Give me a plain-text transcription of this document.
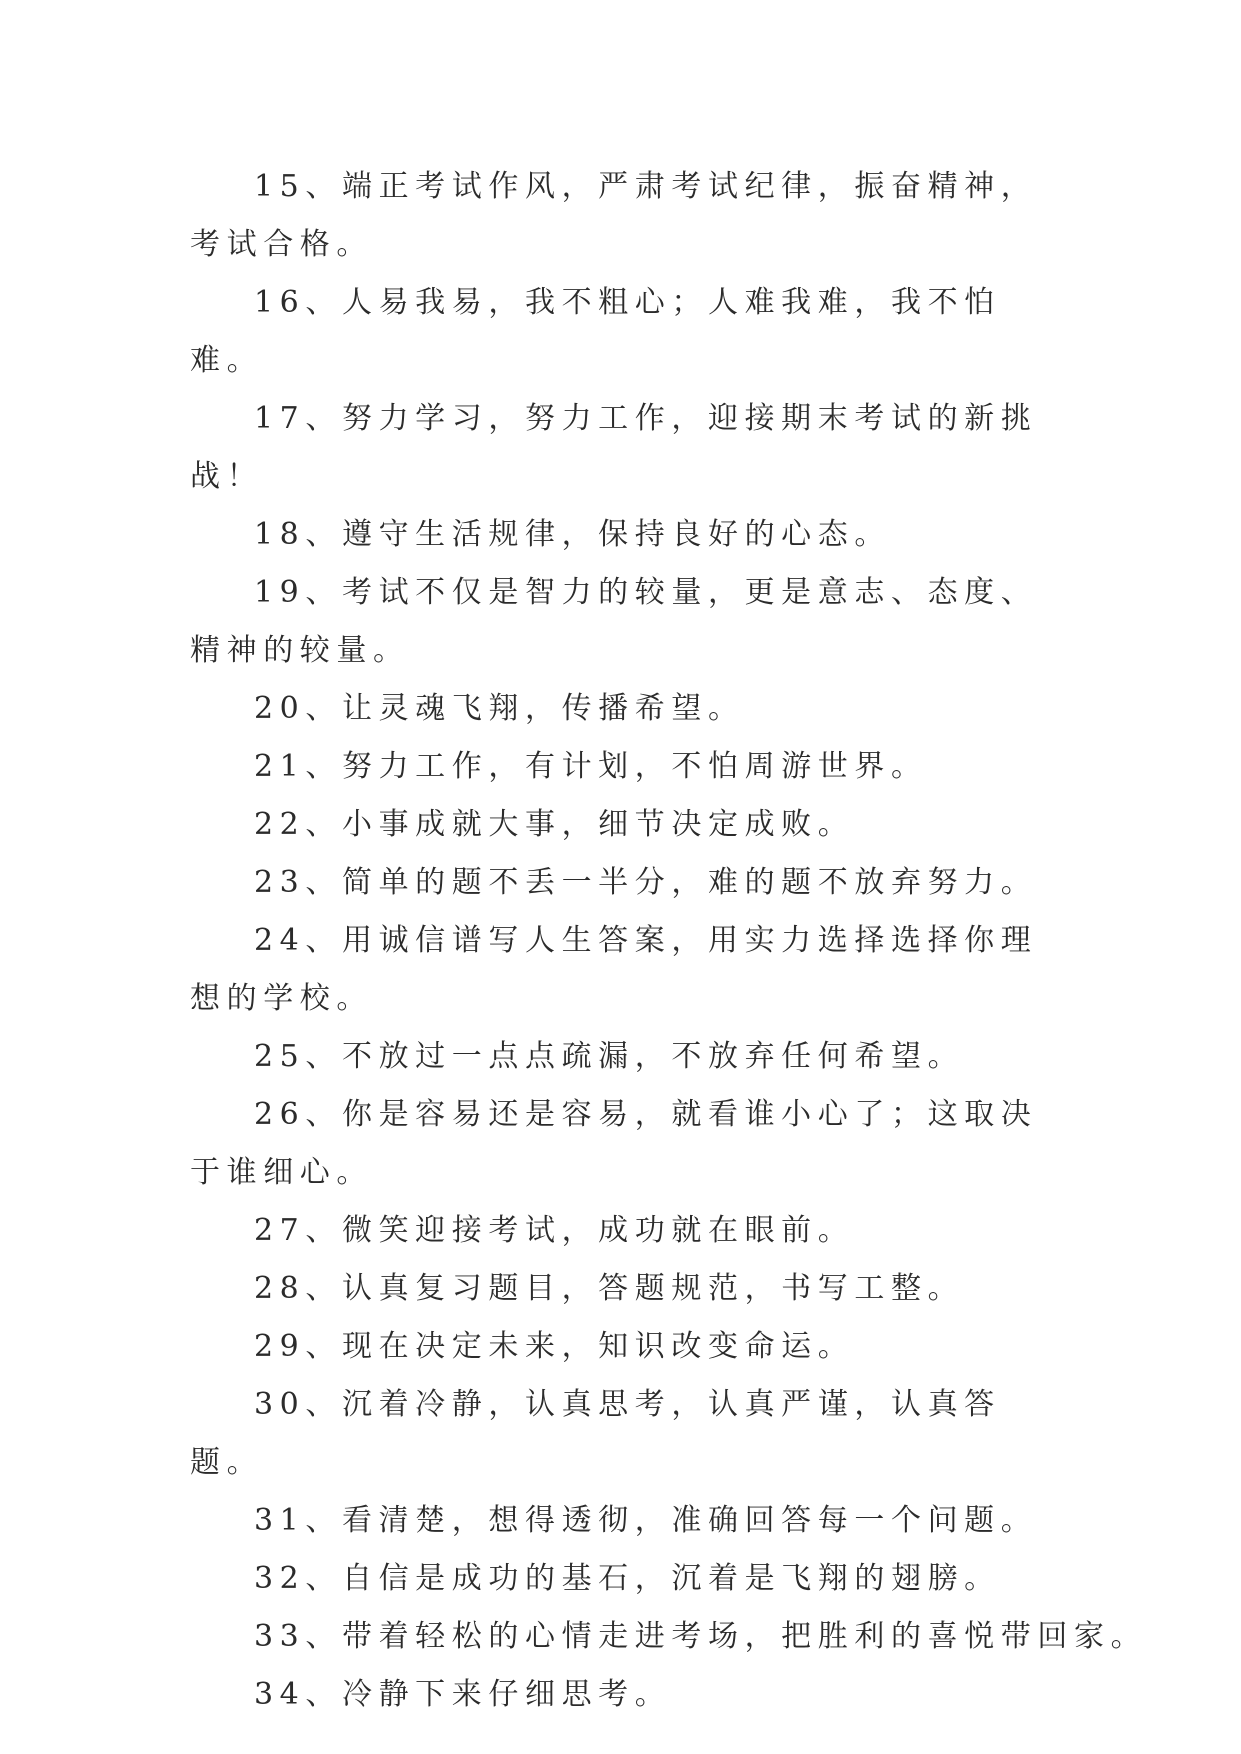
15、端正考试作风，严肃考试纪律，振奋精神，考试合格。

16、人易我易，我不粗心；人难我难，我不怕难。

17、努力学习，努力工作，迎接期末考试的新挑战！

18、遵守生活规律，保持良好的心态。

19、考试不仅是智力的较量，更是意志、态度、精神的较量。

20、让灵魂飞翔，传播希望。

21、努力工作，有计划，不怕周游世界。

22、小事成就大事，细节决定成败。

23、简单的题不丢一半分，难的题不放弃努力。

24、用诚信谱写人生答案，用实力选择选择你理想的学校。

25、不放过一点点疏漏，不放弃任何希望。

26、你是容易还是容易，就看谁小心了；这取决于谁细心。

27、微笑迎接考试，成功就在眼前。

28、认真复习题目，答题规范，书写工整。

29、现在决定未来，知识改变命运。

30、沉着冷静，认真思考，认真严谨，认真答题。

31、看清楚，想得透彻，准确回答每一个问题。

32、自信是成功的基石，沉着是飞翔的翅膀。

33、带着轻松的心情走进考场，把胜利的喜悦带回家。

34、冷静下来仔细思考。
